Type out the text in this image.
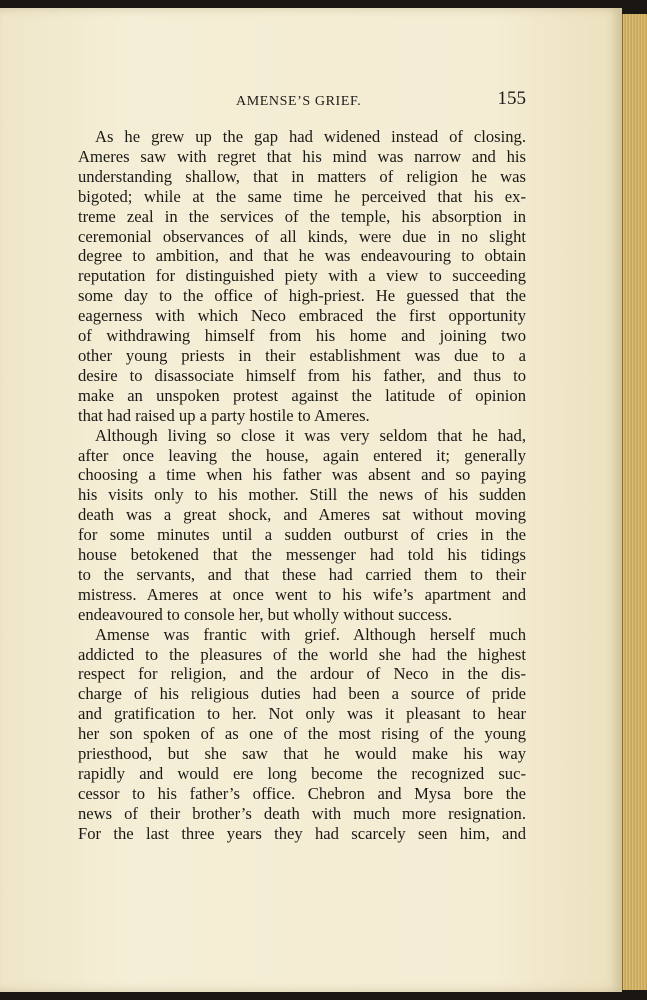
AMENSE’S GRIEF.	155
As he grew up the gap had widened instead of closing.
Ameres saw with regret that his mind was narrow and his
understanding shallow, that in matters of religion he was
bigoted; while at the same time he perceived that his ex-
treme zeal in the services of the temple, his absorption in
ceremonial observances of all kinds, were due in no slight
degree to ambition, and that he was endeavouring to obtain
reputation for distinguished piety with a view to succeeding
some day to the office of high-priest. He guessed that the
eagerness with which Neco embraced the first opportunity
of withdrawing himself from his home and joining two
other young priests in their establishment was due to a
desire to disassociate himself from his father, and thus to
make an unspoken protest against the latitude of opinion
that had raised up a party hostile to Ameres.
Although living so close it was very seldom that he had,
after once leaving the house, again entered it; generally
choosing a time when his father was absent and so paying
his visits only to his mother. Still the news of his sudden
death was a great shock, and Ameres sat without moving
for some minutes until a sudden outburst of cries in the
house betokened that the messenger had told his tidings
to the servants, and that these had carried them to their
mistress. Ameres at once went to his wife’s apartment and
endeavoured to console her, but wholly without success.
Amense was frantic with grief. Although herself much
addicted to the pleasures of the world she had the highest
respect for religion, and the ardour of Neco in the dis-
charge of his religious duties had been a source of pride
and gratification to her. Not only was it pleasant to hear
her son spoken of as one of the most rising of the young
priesthood, but she saw that he would make his way
rapidly and would ere long become the recognized suc-
cessor to his father’s office. Chebron and Mysa bore the
news of their brother’s death with much more resignation.
For the last three years they had scarcely seen him, and
